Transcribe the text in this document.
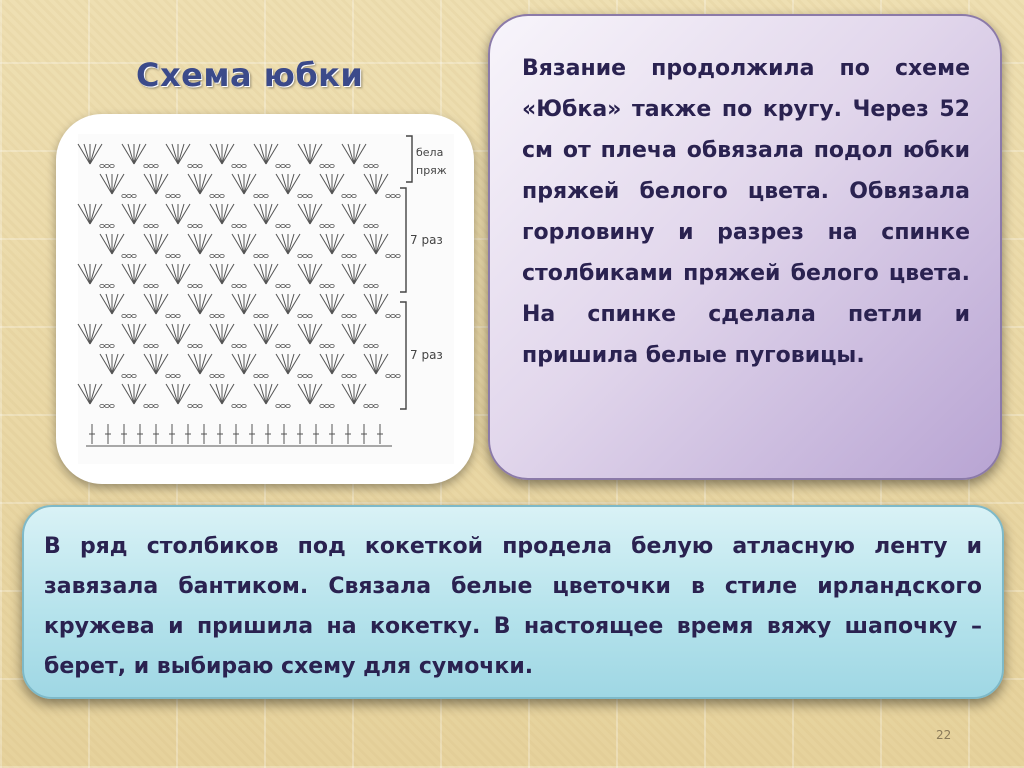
Схема юбки
бела
пряж
7 раз
7 раз

Вязание продолжила по схеме «Юбка» также по кругу. Через 52 см от плеча обвязала подол юбки пряжей белого цвета. Обвязала горловину и разрез на спинке столбиками пряжей белого цвета. На спинке сделала петли и пришила белые пуговицы.

В ряд столбиков под кокеткой продела белую атласную ленту и завязала бантиком. Связала белые цветочки в стиле ирландского кружева и пришила на кокетку. В настоящее время вяжу шапочку – берет, и выбираю схему для сумочки.

22
